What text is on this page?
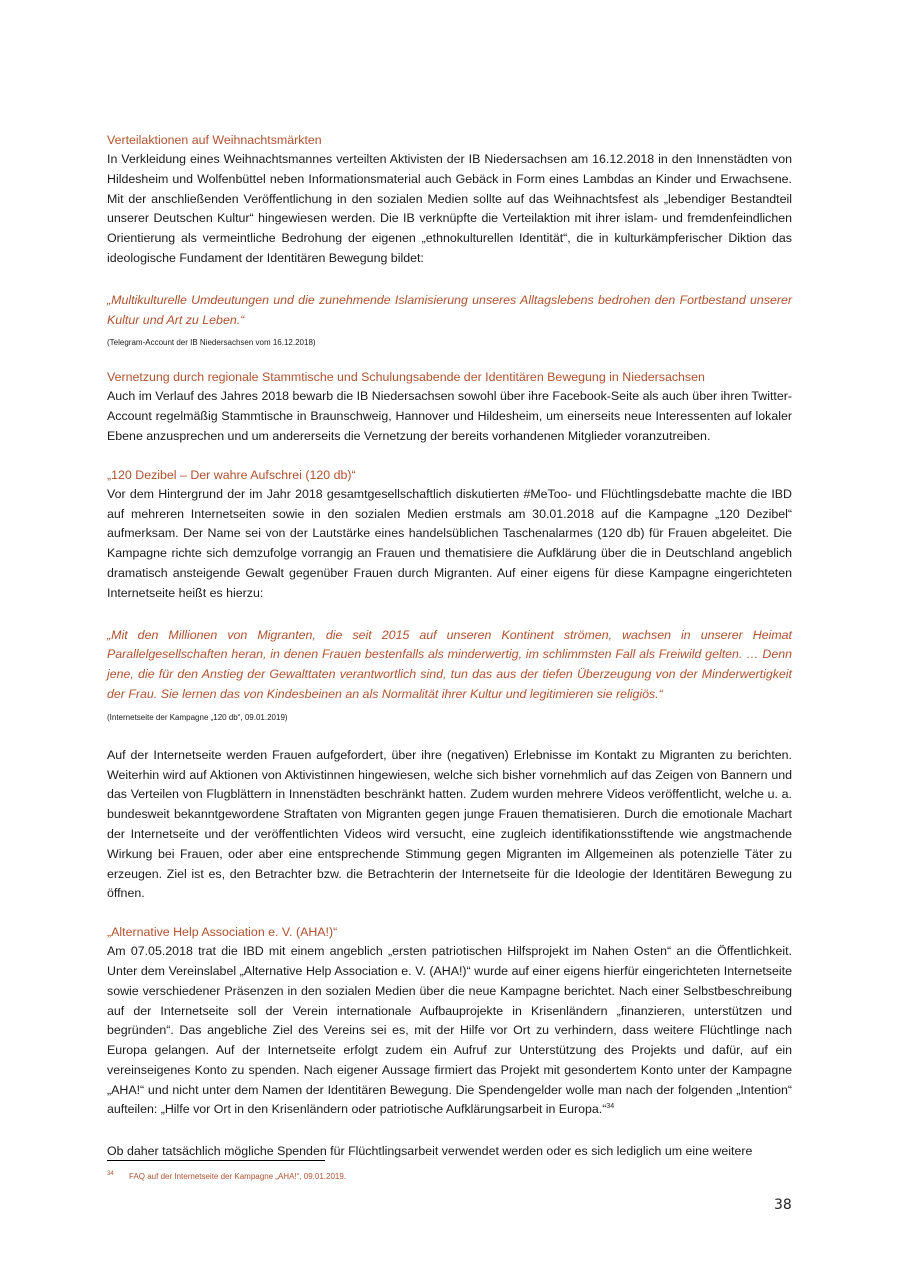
Verteilaktionen auf Weihnachtsmärkten

In Verkleidung eines Weihnachtsmannes verteilten Aktivisten der IB Niedersachsen am 16.12.2018 in den Innenstädten von Hildesheim und Wolfenbüttel neben Informationsmaterial auch Gebäck in Form eines Lambdas an Kinder und Erwachsene. Mit der anschließenden Veröffentlichung in den sozialen Medien sollte auf das Weihnachtsfest als „lebendiger Bestandteil unserer Deutschen Kultur“ hingewiesen werden. Die IB verknüpfte die Verteilaktion mit ihrer islam- und fremdenfeindlichen Orientierung als vermeintliche Bedrohung der eigenen „ethnokulturellen Identität“, die in kulturkämpferischer Diktion das ideologische Fundament der Identitären Bewegung bildet:

„Multikulturelle Umdeutungen und die zunehmende Islamisierung unseres Alltagslebens bedrohen den Fortbestand unserer Kultur und Art zu Leben.“

(Telegram-Account der IB Niedersachsen vom 16.12.2018)

Vernetzung durch regionale Stammtische und Schulungsabende der Identitären Bewegung in Niedersachsen

Auch im Verlauf des Jahres 2018 bewarb die IB Niedersachsen sowohl über ihre Facebook-Seite als auch über ihren Twitter-Account regelmäßig Stammtische in Braunschweig, Hannover und Hildesheim, um einerseits neue Interessenten auf lokaler Ebene anzusprechen und um andererseits die Vernetzung der bereits vorhandenen Mitglieder voranzutreiben.

„120 Dezibel – Der wahre Aufschrei (120 db)“

Vor dem Hintergrund der im Jahr 2018 gesamtgesellschaftlich diskutierten #MeToo- und Flüchtlingsdebatte machte die IBD auf mehreren Internetseiten sowie in den sozialen Medien erstmals am 30.01.2018 auf die Kampagne „120 Dezibel“ aufmerksam. Der Name sei von der Lautstärke eines handelsüblichen Taschenalarmes (120 db) für Frauen abgeleitet. Die Kampagne richte sich demzufolge vorrangig an Frauen und thematisiere die Aufklärung über die in Deutschland angeblich dramatisch ansteigende Gewalt gegenüber Frauen durch Migranten. Auf einer eigens für diese Kampagne eingerichteten Internetseite heißt es hierzu:

„Mit den Millionen von Migranten, die seit 2015 auf unseren Kontinent strömen, wachsen in unserer Heimat Parallelgesellschaften heran, in denen Frauen bestenfalls als minderwertig, im schlimmsten Fall als Freiwild gelten. … Denn jene, die für den Anstieg der Gewalttaten verantwortlich sind, tun das aus der tiefen Überzeugung von der Minderwertigkeit der Frau. Sie lernen das von Kindesbeinen an als Normalität ihrer Kultur und legitimieren sie religiös.“

(Internetseite der Kampagne „120 db“, 09.01.2019)

Auf der Internetseite werden Frauen aufgefordert, über ihre (negativen) Erlebnisse im Kontakt zu Migranten zu berichten. Weiterhin wird auf Aktionen von Aktivistinnen hingewiesen, welche sich bisher vornehmlich auf das Zeigen von Bannern und das Verteilen von Flugblättern in Innenstädten beschränkt hatten. Zudem wurden mehrere Videos veröffentlicht, welche u. a. bundesweit bekanntgewordene Straftaten von Migranten gegen junge Frauen thematisieren. Durch die emotionale Machart der Internetseite und der veröffentlichten Videos wird versucht, eine zugleich identifikationsstiftende wie angstmachende Wirkung bei Frauen, oder aber eine entsprechende Stimmung gegen Migranten im Allgemeinen als potenzielle Täter zu erzeugen. Ziel ist es, den Betrachter bzw. die Betrachterin der Internetseite für die Ideologie der Identitären Bewegung zu öffnen.

„Alternative Help Association e. V. (AHA!)“

Am 07.05.2018 trat die IBD mit einem angeblich „ersten patriotischen Hilfsprojekt im Nahen Osten“ an die Öffentlichkeit. Unter dem Vereinslabel „Alternative Help Association e. V. (AHA!)“ wurde auf einer eigens hierfür eingerichteten Internetseite sowie verschiedener Präsenzen in den sozialen Medien über die neue Kampagne berichtet. Nach einer Selbstbeschreibung auf der Internetseite soll der Verein internationale Aufbauprojekte in Krisenländern „finanzieren, unterstützen und begründen“. Das angebliche Ziel des Vereins sei es, mit der Hilfe vor Ort zu verhindern, dass weitere Flüchtlinge nach Europa gelangen. Auf der Internetseite erfolgt zudem ein Aufruf zur Unterstützung des Projekts und dafür, auf ein vereinseigenes Konto zu spenden. Nach eigener Aussage firmiert das Projekt mit gesondertem Konto unter der Kampagne „AHA!“ und nicht unter dem Namen der Identitären Bewegung. Die Spendengelder wolle man nach der folgenden „Intention“ aufteilen: „Hilfe vor Ort in den Krisenländern oder patriotische Aufklärungsarbeit in Europa.“$^{34}$

Ob daher tatsächlich mögliche Spenden für Flüchtlingsarbeit verwendet werden oder es sich lediglich um eine weitere

34 FAQ auf der Internetseite der Kampagne „AHA!“, 09.01.2019.
38
